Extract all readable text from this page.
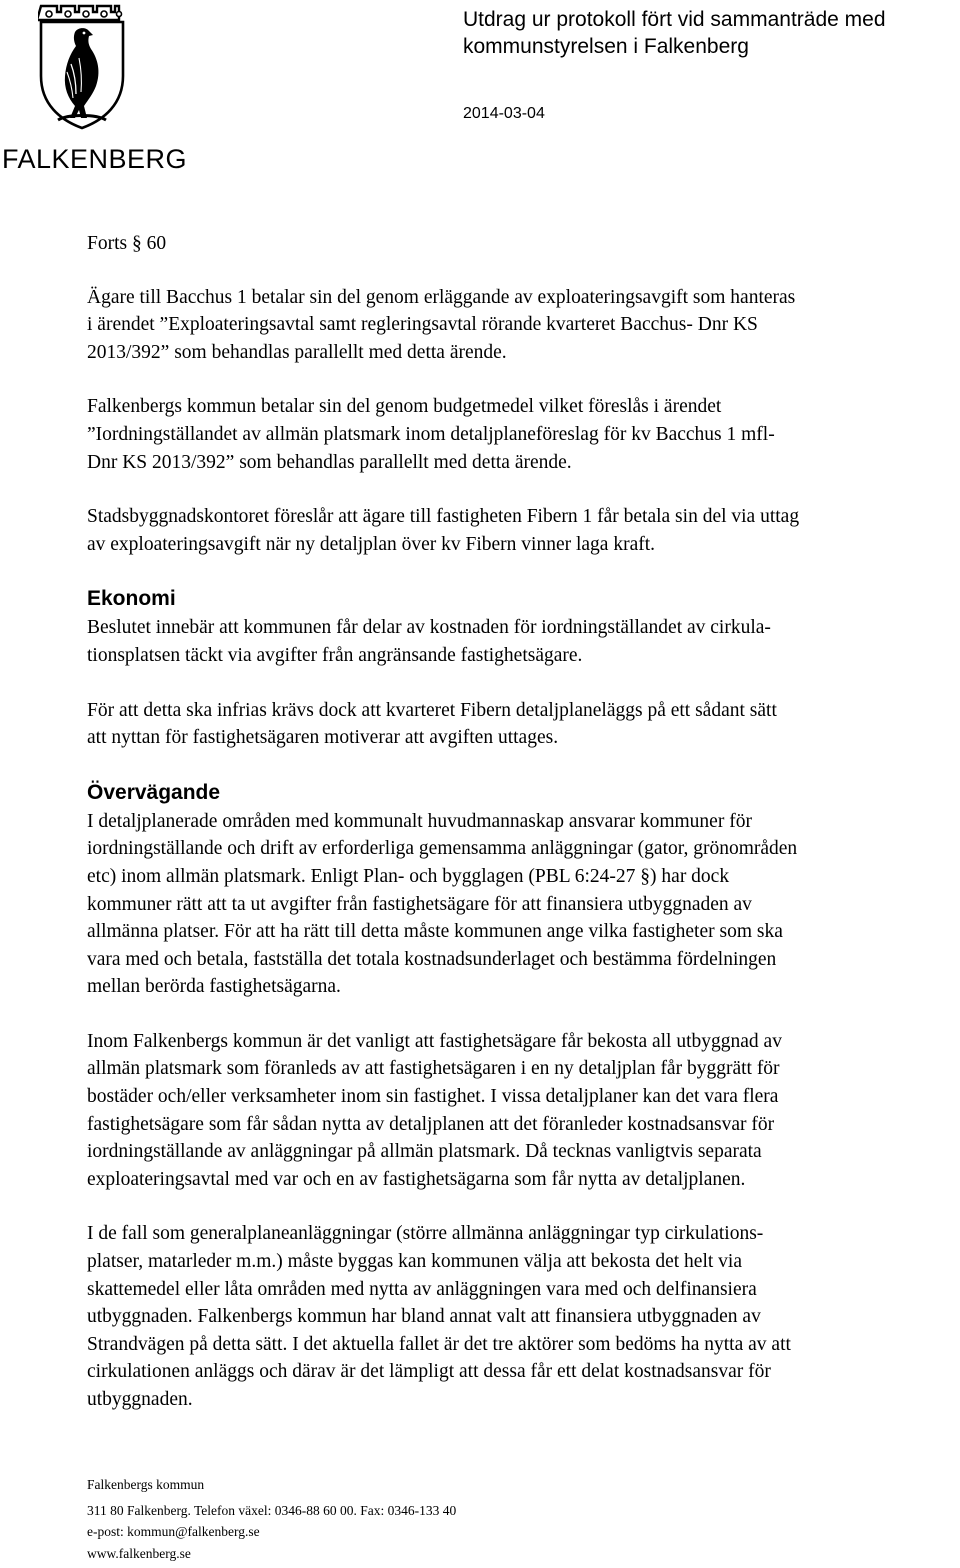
FALKENBERG
Utdrag ur protokoll fört vid sammanträde med
kommunstyrelsen i Falkenberg
2014-03-04
Forts § 60

Ägare till Bacchus 1 betalar sin del genom erläggande av exploateringsavgift som hanteras
i ärendet ”Exploateringsavtal samt regleringsavtal rörande kvarteret Bacchus- Dnr KS
2013/392” som behandlas parallellt med detta ärende.

Falkenbergs kommun betalar sin del genom budgetmedel vilket föreslås i ärendet
”Iordningställandet av allmän platsmark inom detaljplaneföreslag för kv Bacchus 1 mfl-
Dnr KS 2013/392” som behandlas parallellt med detta ärende.

Stadsbyggnadskontoret föreslår att ägare till fastigheten Fibern 1 får betala sin del via uttag
av exploateringsavgift när ny detaljplan över kv Fibern vinner laga kraft.

Ekonomi

Beslutet innebär att kommunen får delar av kostnaden för iordningställandet av cirkula-
tionsplatsen täckt via avgifter från angränsande fastighetsägare.

För att detta ska infrias krävs dock att kvarteret Fibern detaljplaneläggs på ett sådant sätt
att nyttan för fastighetsägaren motiverar att avgiften uttages.

Övervägande

I detaljplanerade områden med kommunalt huvudmannaskap ansvarar kommuner för
iordningställande och drift av erforderliga gemensamma anläggningar (gator, grönområden
etc) inom allmän platsmark. Enligt Plan- och bygglagen (PBL 6:24-27 §) har dock
kommuner rätt att ta ut avgifter från fastighetsägare för att finansiera utbyggnaden av
allmänna platser. För att ha rätt till detta måste kommunen ange vilka fastigheter som ska
vara med och betala, fastställa det totala kostnadsunderlaget och bestämma fördelningen
mellan berörda fastighetsägarna.

Inom Falkenbergs kommun är det vanligt att fastighetsägare får bekosta all utbyggnad av
allmän platsmark som föranleds av att fastighetsägaren i en ny detaljplan får byggrätt för
bostäder och/eller verksamheter inom sin fastighet. I vissa detaljplaner kan det vara flera
fastighetsägare som får sådan nytta av detaljplanen att det föranleder kostnadsansvar för
iordningställande av anläggningar på allmän platsmark. Då tecknas vanligtvis separata
exploateringsavtal med var och en av fastighetsägarna som får nytta av detaljplanen.

I de fall som generalplaneanläggningar (större allmänna anläggningar typ cirkulations-
platser, matarleder m.m.) måste byggas kan kommunen välja att bekosta det helt via
skattemedel eller låta områden med nytta av anläggningen vara med och delfinansiera
utbyggnaden. Falkenbergs kommun har bland annat valt att finansiera utbyggnaden av
Strandvägen på detta sätt. I det aktuella fallet är det tre aktörer som bedöms ha nytta av att
cirkulationen anläggs och därav är det lämpligt att dessa får ett delat kostnadsansvar för
utbyggnaden.

Falkenbergs kommun
311 80 Falkenberg. Telefon växel: 0346-88 60 00. Fax: 0346-133 40
e-post: kommun@falkenberg.se
www.falkenberg.se
